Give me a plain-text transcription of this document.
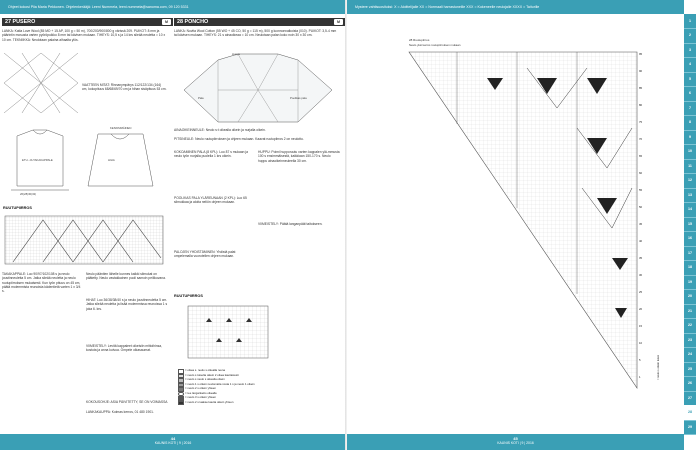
Ohjeet kokosi Piia Maria Pekkonen. Ohjelenkerääjä: Leeni Nummela, leeni.nummela@sanoma.com, 09 120 5331
27 PUSERO	M
LANKA: Katia Love Wool (85 MO + 15 AP, 100 g = 50 m), 700/200/900/800 g värissä 209. PUIKOT: 8 mm ja päärintin mosusta varten pyöröpuikko 8 mm tai kävisen mukaan. TIHEYS: 10,5 s ja 14 krs sileää neuletta = 10 x 10 cm. TEKNIIKKA: Neulotaan palaina alhaalta ylös.
VAATTEEN MITAT: Rinnanympärys 112/122/134 (164) cm, kokopituus 68/68/69/70 cm ja hihan sisäpituus 53 cm.
KESKIMMÄINEN
ETU- JA TAKAKAPPALE	HIHA
26(28)30(32)
RUUTUPIIRROS
TAKAKAPPALE: Luo 90/97/102/108 s ja neulo joustinneuletta 5 cm. Jatka sileää neuletta ja neulo ruutupiirroksen mukaisesti. Kun työn pituus on 45 cm, päätä molemmista reunoista kädentietä varten 1 x 3/4 s.
Neulo pääntien lähelle kunnes kaikki silmukat on päätetty. Neulo vastakkainen puoli samoin peilikuvana.
HIHAT: Luo 36/38/38/40 s ja neulo joustinneuletta 5 cm. Jatka sileää neuletta ja lisää molemmissa reunoissa 1 s joka 6. krs.
VIIMEISTELY: Levitä kappaleet oikeisiin mittoihinsa, kostuta ja anna kuivua. Ompele olkasaumat.
KOKOUSOHJE: ASIA PÄIVITETTY, SE ON VOIMASSA
LANKAKAUPPA: Kolmas kerros, 01 480 1901.
28 PONCHO	M
LANKA: Novita Wool Cotton (55 WO + 45 CO, 50 g = 115 m), 500 g luonnonvalkoista (010). PUIKOT: 3,5-4 mm tai kävisen mukaan. TIHEYS: 21 s ainaoikeaa = 10 cm. Neulotaan palan koko noin 30 x 30 cm.
Huppu
Pala	Poolikas pala
AINAOIKEINNEULE: Neulo s:t oikealla oikein ja nurjalla oikein.
PITSINEULE: Neulo ruutupiirroksen ja ohjeen mukaan. Kaavat ruutupiirros 2 on neulottu.
KOKOAMINEN PALA (8 KPL): Luo 87 s mukaan ja neulo työn nurjalla puolella 1 krs oikein.
POOLIKAS PALA YLÄREUNAAN (2 KPL): Luo 65 silmukkaa ja aloita neliön ohjeen mukaan.
PALOJEN YHDISTÄMINEN: Yhdistä palat ompelemalla vuorotellen ohjeen mukaan.
HUPPU: Poimi hupporuutu varten kappalen ylä-mmusta 100 s ensimmäisestä, kaikkiaan 150-170 s. Neulo huppu ainaoikeinneuleella 30 cm.
VIIMEISTELY: Päätä langanpäät taitokseen.
RUUTUPIIRROS
= oikea s. neulo s oikealla reuna
= neulo s toiselta oikein 2 oikea kauttaisusti
= neulo s neulo s oikealta oikein
= neulo 1 s oikein neulomatta nosta 1 s ja neulo 1 oikein
= neulo 2 s oikein yhteen
= tee langanketto oikealle
= neulo 3 s oikein yhteen
= neulo 2 s taakse kautta oikein yhteen
44
KAUNIS KOTI | 9 | 2016
Mystere vahtisuosituksi: X = Aloittelijalle XX = Normaali harrastuneille XXX = Kokeneelle neulojalle XXXX = Taiturille
28 Ruutupiirros
Neulo yksi kerros ruutupiirroksen mukaan
95
90
85
80
75
70
65
60
55
50
45
40
35
30
25
20
15
10
5
1	= neulo s oikein kuten
45
KAUNIS KOTI | 9 | 2016
1
2
3
4
5
6
7
8
9
10
11
12
13
14
15
16
17
18
19
20
21
22
23
24
25
26
27
28
29
